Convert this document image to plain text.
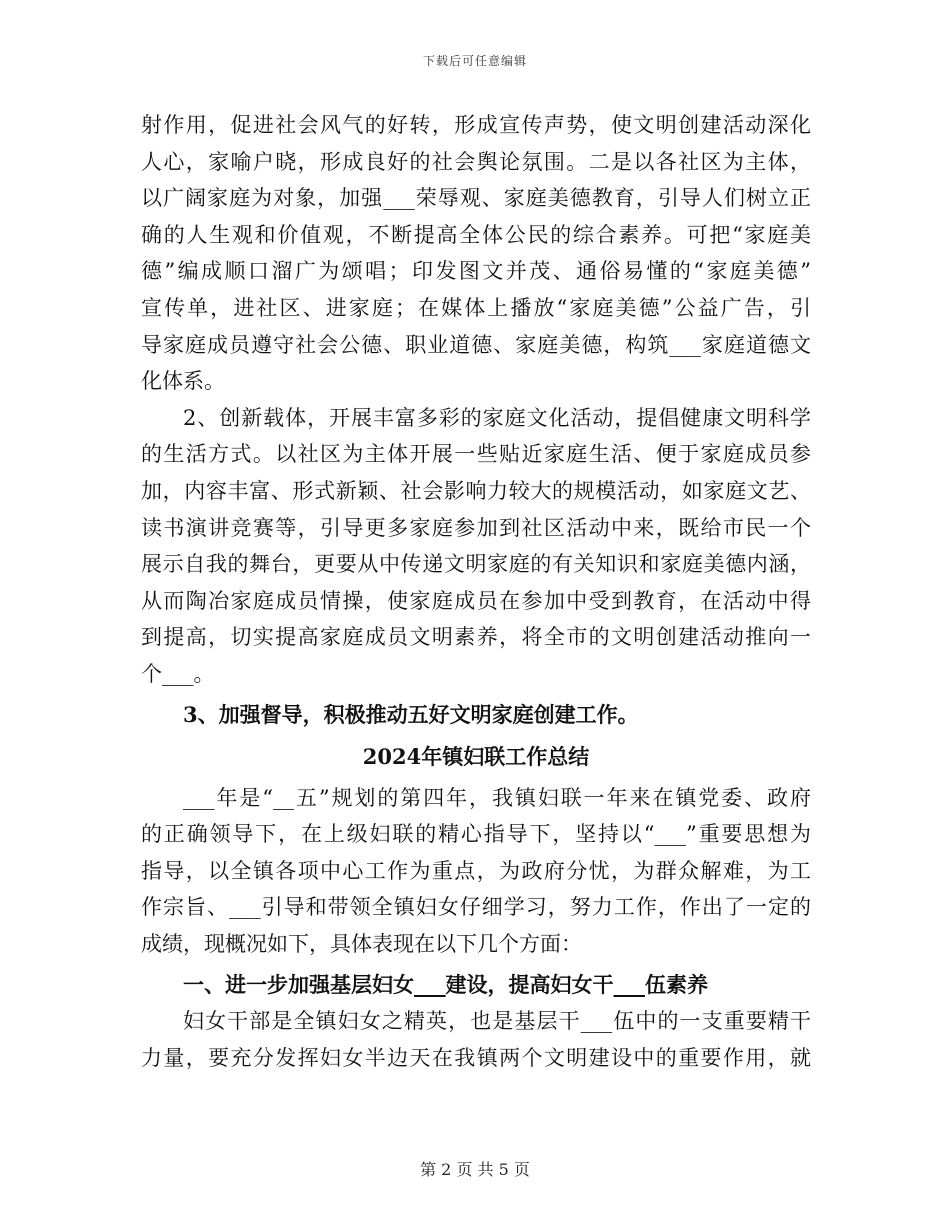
下载后可任意编辑
射作用，促进社会风气的好转，形成宣传声势，使文明创建活动深化
人心，家喻户晓，形成良好的社会舆论氛围。二是以各社区为主体，
以广阔家庭为对象，加强___荣辱观、家庭美德教育，引导人们树立正
确的人生观和价值观，不断提高全体公民的综合素养。可把“家庭美
德”编成顺口溜广为颂唱；印发图文并茂、通俗易懂的“家庭美德”
宣传单，进社区、进家庭；在媒体上播放“家庭美德”公益广告，引
导家庭成员遵守社会公德、职业道德、家庭美德，构筑___家庭道德文
化体系。
2、创新载体，开展丰富多彩的家庭文化活动，提倡健康文明科学
的生活方式。以社区为主体开展一些贴近家庭生活、便于家庭成员参
加，内容丰富、形式新颖、社会影响力较大的规模活动，如家庭文艺、
读书演讲竞赛等，引导更多家庭参加到社区活动中来，既给市民一个
展示自我的舞台，更要从中传递文明家庭的有关知识和家庭美德内涵，
从而陶冶家庭成员情操，使家庭成员在参加中受到教育，在活动中得
到提高，切实提高家庭成员文明素养，将全市的文明创建活动推向一
个___。
3、加强督导，积极推动五好文明家庭创建工作。
2024年镇妇联工作总结
___年是“__五”规划的第四年，我镇妇联一年来在镇党委、政府
的正确领导下，在上级妇联的精心指导下，坚持以“___”重要思想为
指导，以全镇各项中心工作为重点，为政府分忧，为群众解难，为工
作宗旨、___引导和带领全镇妇女仔细学习，努力工作，作出了一定的
成绩，现概况如下，具体表现在以下几个方面：
一、进一步加强基层妇女___建设，提高妇女干___伍素养
妇女干部是全镇妇女之精英，也是基层干___伍中的一支重要精干
力量，要充分发挥妇女半边天在我镇两个文明建设中的重要作用，就
第 2 页 共 5 页
